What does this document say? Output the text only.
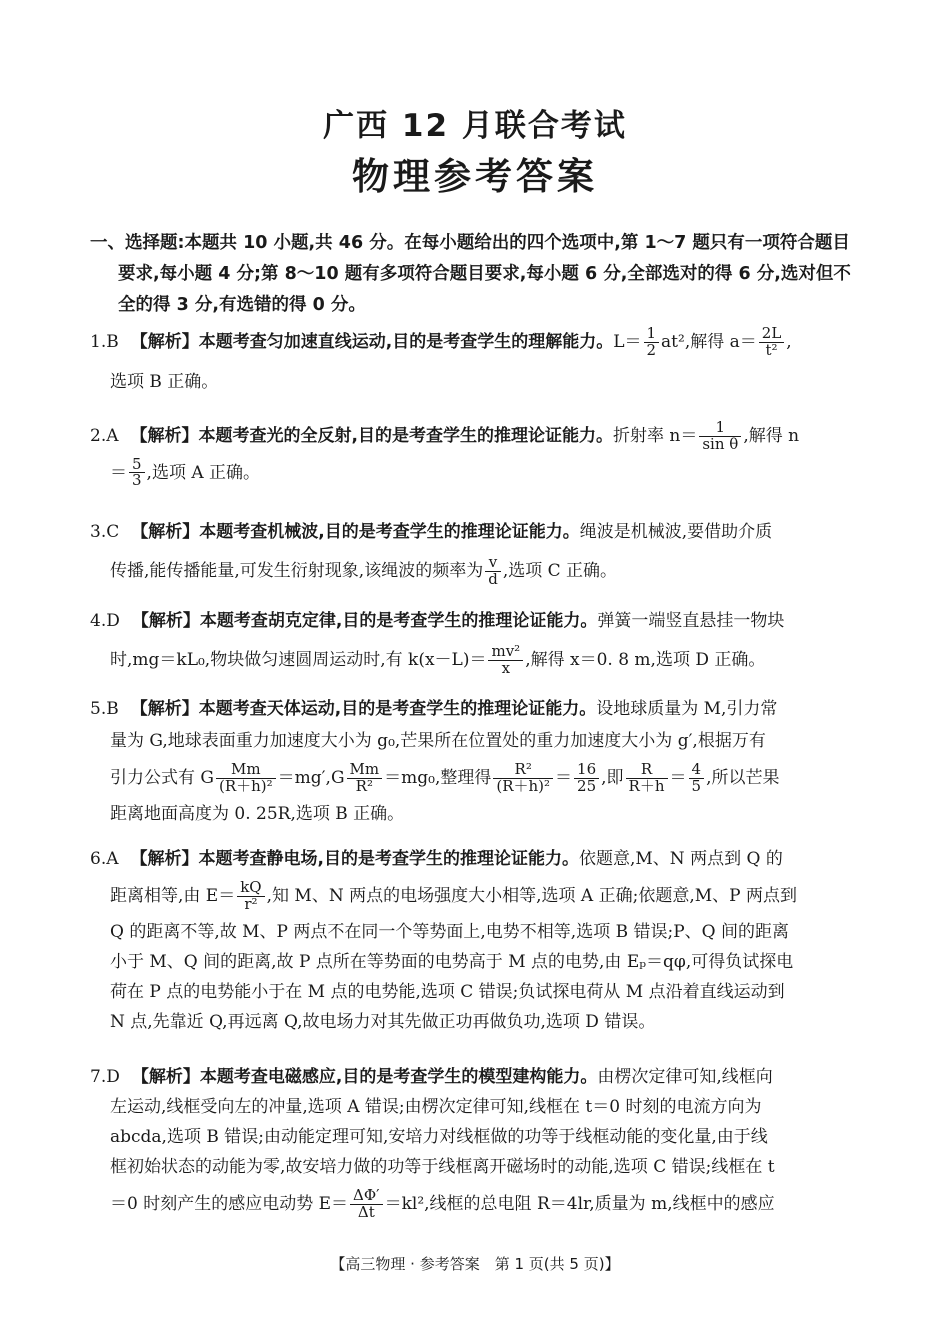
广西 12 月联合考试
物理参考答案
一、选择题:本题共 10 小题,共 46 分。在每小题给出的四个选项中,第 1～7 题只有一项符合题目要求,每小题 4 分;第 8～10 题有多项符合题目要求,每小题 6 分,全部选对的得 6 分,选对但不全的得 3 分,有选错的得 0 分。
1.B 【解析】本题考查匀加速直线运动,目的是考查学生的理解能力。$L= \frac{1}{2} at^2$,解得 $a= \frac{2L}{\text{t²}}$ ,
选项 B 正确。
2.A 【解析】本题考查光的全反射,目的是考查学生的推理论证能力。折射率 $n= \frac{1}{\text{sin θ}}$ ,解得 n
＝ $\frac{5}{3}$ ,选项 A 正确。
3.C 【解析】本题考查机械波,目的是考查学生的推理论证能力。绳波是机械波,要借助介质
传播,能传播能量,可发生衍射现象,该绳波的频率为 $\frac{v}{d}$ ,选项 C 正确。
4.D 【解析】本题考查胡克定律,目的是考查学生的推理论证能力。弹簧一端竖直悬挂一物块
时,mg＝kL₀,物块做匀速圆周运动时,有 $k(x-L)= \frac{\text{mv²}}{x}$ ,解得 x＝0. 8 m,选项 D 正确。
5.B 【解析】本题考查天体运动,目的是考查学生的推理论证能力。设地球质量为 M,引力常
量为 G,地球表面重力加速度大小为 g₀,芒果所在位置处的重力加速度大小为 g′,根据万有
引力公式有 G $\frac{Mm}{\text{(R＋h)²}} =mg',G \frac{Mm}{\text{R²}} =mg_0$,整理得 $\frac{\text{R²}}{\text{(R＋h)²}} = \frac{16}{25}$ ,即 $\frac{R}{R+h} = \frac{4}{5}$ ,所以芒果
距离地面高度为 0. 25R,选项 B 正确。
6.A 【解析】本题考查静电场,目的是考查学生的推理论证能力。依题意,M、N 两点到 Q 的
距离相等,由 $E= \frac{kQ}{\text{r²}}$ ,知 M、N 两点的电场强度大小相等,选项 A 正确;依题意,M、P 两点到
Q 的距离不等,故 M、P 两点不在同一个等势面上,电势不相等,选项 B 错误;P、Q 间的距离
小于 M、Q 间的距离,故 P 点所在等势面的电势高于 M 点的电势,由 Eₚ＝qφ,可得负试探电
荷在 P 点的电势能小于在 M 点的电势能,选项 C 错误;负试探电荷从 M 点沿着直线运动到
N 点,先靠近 Q,再远离 Q,故电场力对其先做正功再做负功,选项 D 错误。
7.D 【解析】本题考查电磁感应,目的是考查学生的模型建构能力。由楞次定律可知,线框向
左运动,线框受向左的冲量,选项 A 错误;由楞次定律可知,线框在 t＝0 时刻的电流方向为
abcda,选项 B 错误;由动能定理可知,安培力对线框做的功等于线框动能的变化量,由于线
框初始状态的动能为零,故安培力做的功等于线框离开磁场时的动能,选项 C 错误;线框在 t
＝0 时刻产生的感应电动势 $E= \frac{\Delta\Phi'}{\Delta t} =kl^2$,线框的总电阻 R＝4lr,质量为 m,线框中的感应
【高三物理 · 参考答案　第 1 页(共 5 页)】
